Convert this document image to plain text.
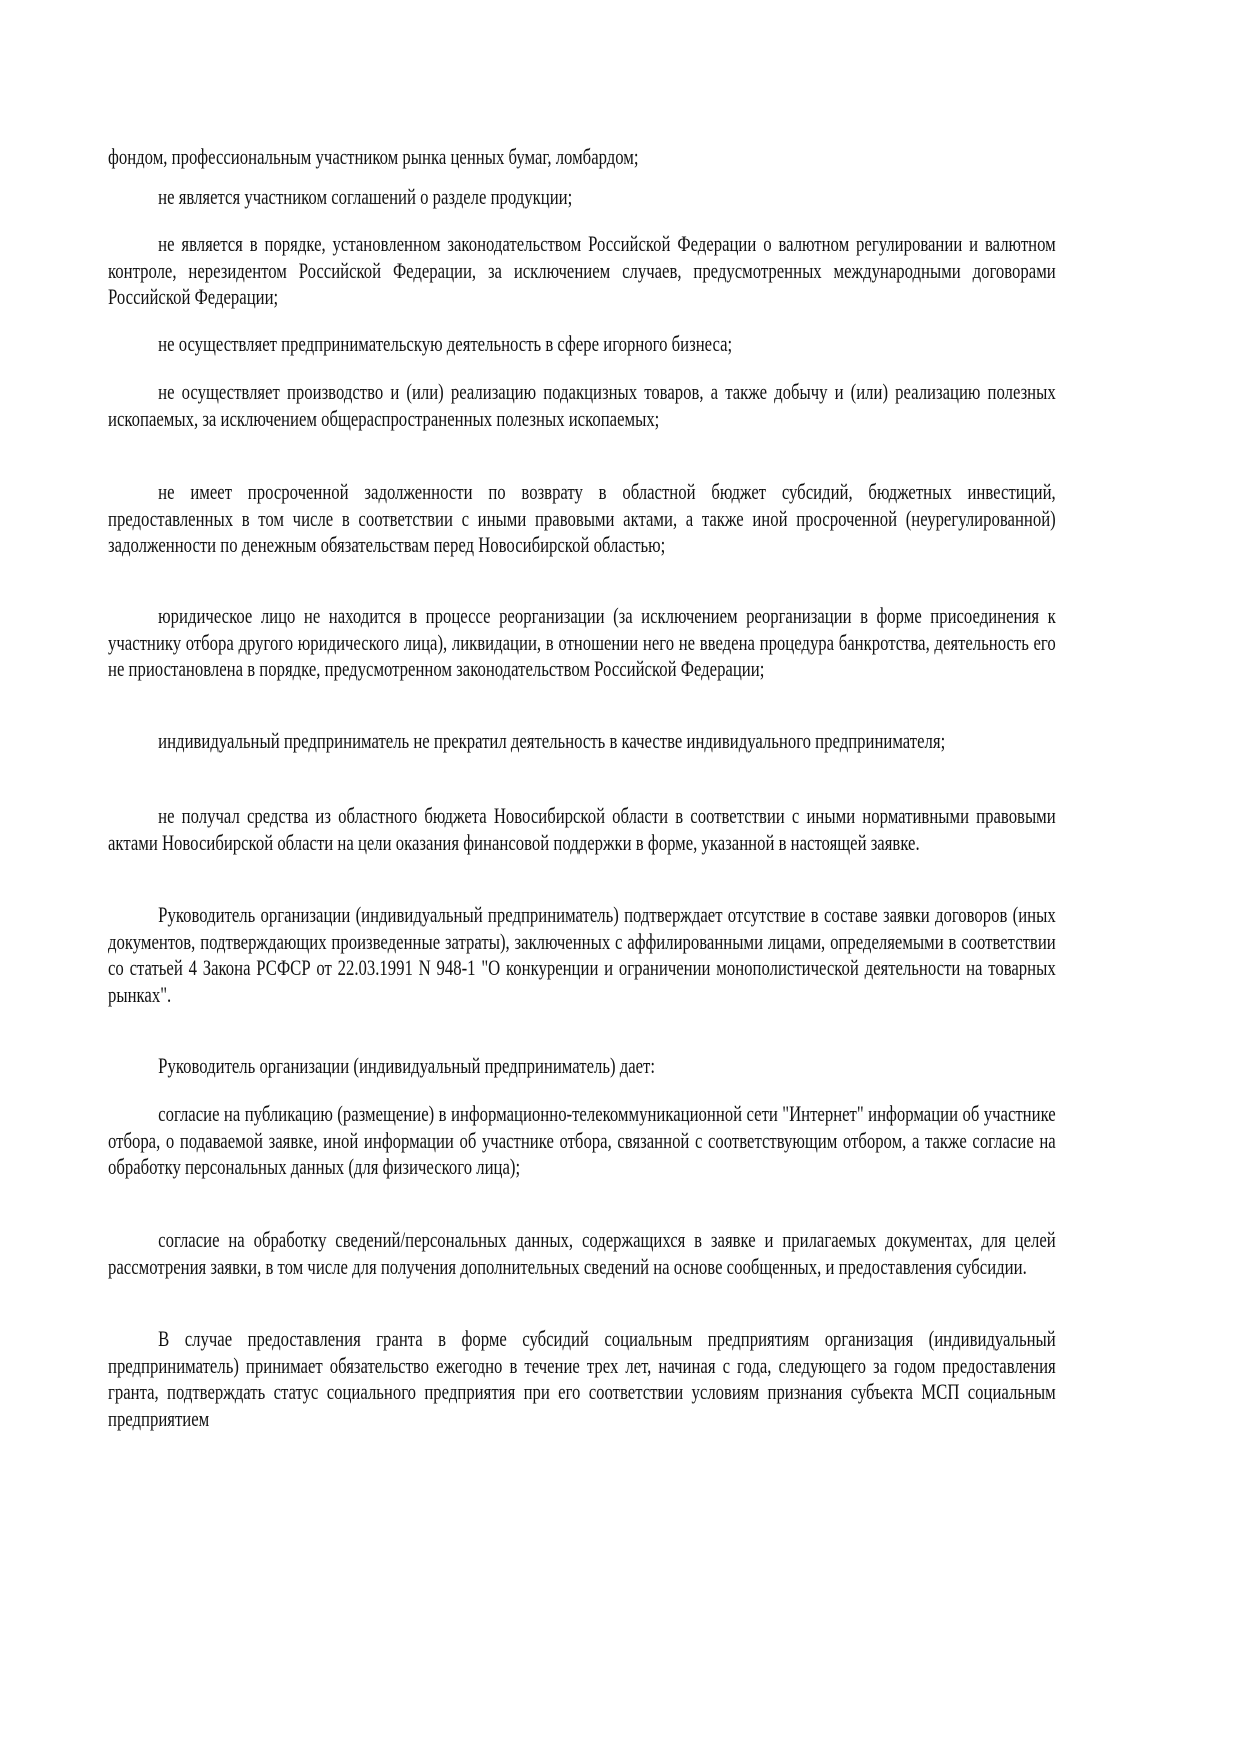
фондом, профессиональным участником рынка ценных бумаг, ломбардом;

не является участником соглашений о разделе продукции;

не является в порядке, установленном законодательством Российской Федерации о валютном регулировании и валютном контроле, нерезидентом Российской Федерации, за исключением случаев, предусмотренных международными договорами Российской Федерации;

не осуществляет предпринимательскую деятельность в сфере игорного бизнеса;

не осуществляет производство и (или) реализацию подакцизных товаров, а также добычу и (или) реализацию полезных ископаемых, за исключением общераспространенных полезных ископаемых;

не имеет просроченной задолженности по возврату в областной бюджет субсидий, бюджетных инвестиций, предоставленных в том числе в соответствии с иными правовыми актами, а также иной просроченной (неурегулированной) задолженности по денежным обязательствам перед Новосибирской областью;

юридическое лицо не находится в процессе реорганизации (за исключением реорганизации в форме присоединения к участнику отбора другого юридического лица), ликвидации, в отношении него не введена процедура банкротства, деятельность его не приостановлена в порядке, предусмотренном законодательством Российской Федерации;

индивидуальный предприниматель не прекратил деятельность в качестве индивидуального предпринимателя;

не получал средства из областного бюджета Новосибирской области в соответствии с иными нормативными правовыми актами Новосибирской области на цели оказания финансовой поддержки в форме, указанной в настоящей заявке.

Руководитель организации (индивидуальный предприниматель) подтверждает отсутствие в составе заявки договоров (иных документов, подтверждающих произведенные затраты), заключенных с аффилированными лицами, определяемыми в соответствии со статьей 4 Закона РСФСР от 22.03.1991 N 948-1 "О конкуренции и ограничении монополистической деятельности на товарных рынках".

Руководитель организации (индивидуальный предприниматель) дает:

согласие на публикацию (размещение) в информационно-телекоммуникационной сети "Интернет" информации об участнике отбора, о подаваемой заявке, иной информации об участнике отбора, связанной с соответствующим отбором, а также согласие на обработку персональных данных (для физического лица);

согласие на обработку сведений/персональных данных, содержащихся в заявке и прилагаемых документах, для целей рассмотрения заявки, в том числе для получения дополнительных сведений на основе сообщенных, и предоставления субсидии.

В случае предоставления гранта в форме субсидий социальным предприятиям организация (индивидуальный предприниматель) принимает обязательство ежегодно в течение трех лет, начиная с года, следующего за годом предоставления гранта, подтверждать статус социального предприятия при его соответствии условиям признания субъекта МСП социальным предприятием
